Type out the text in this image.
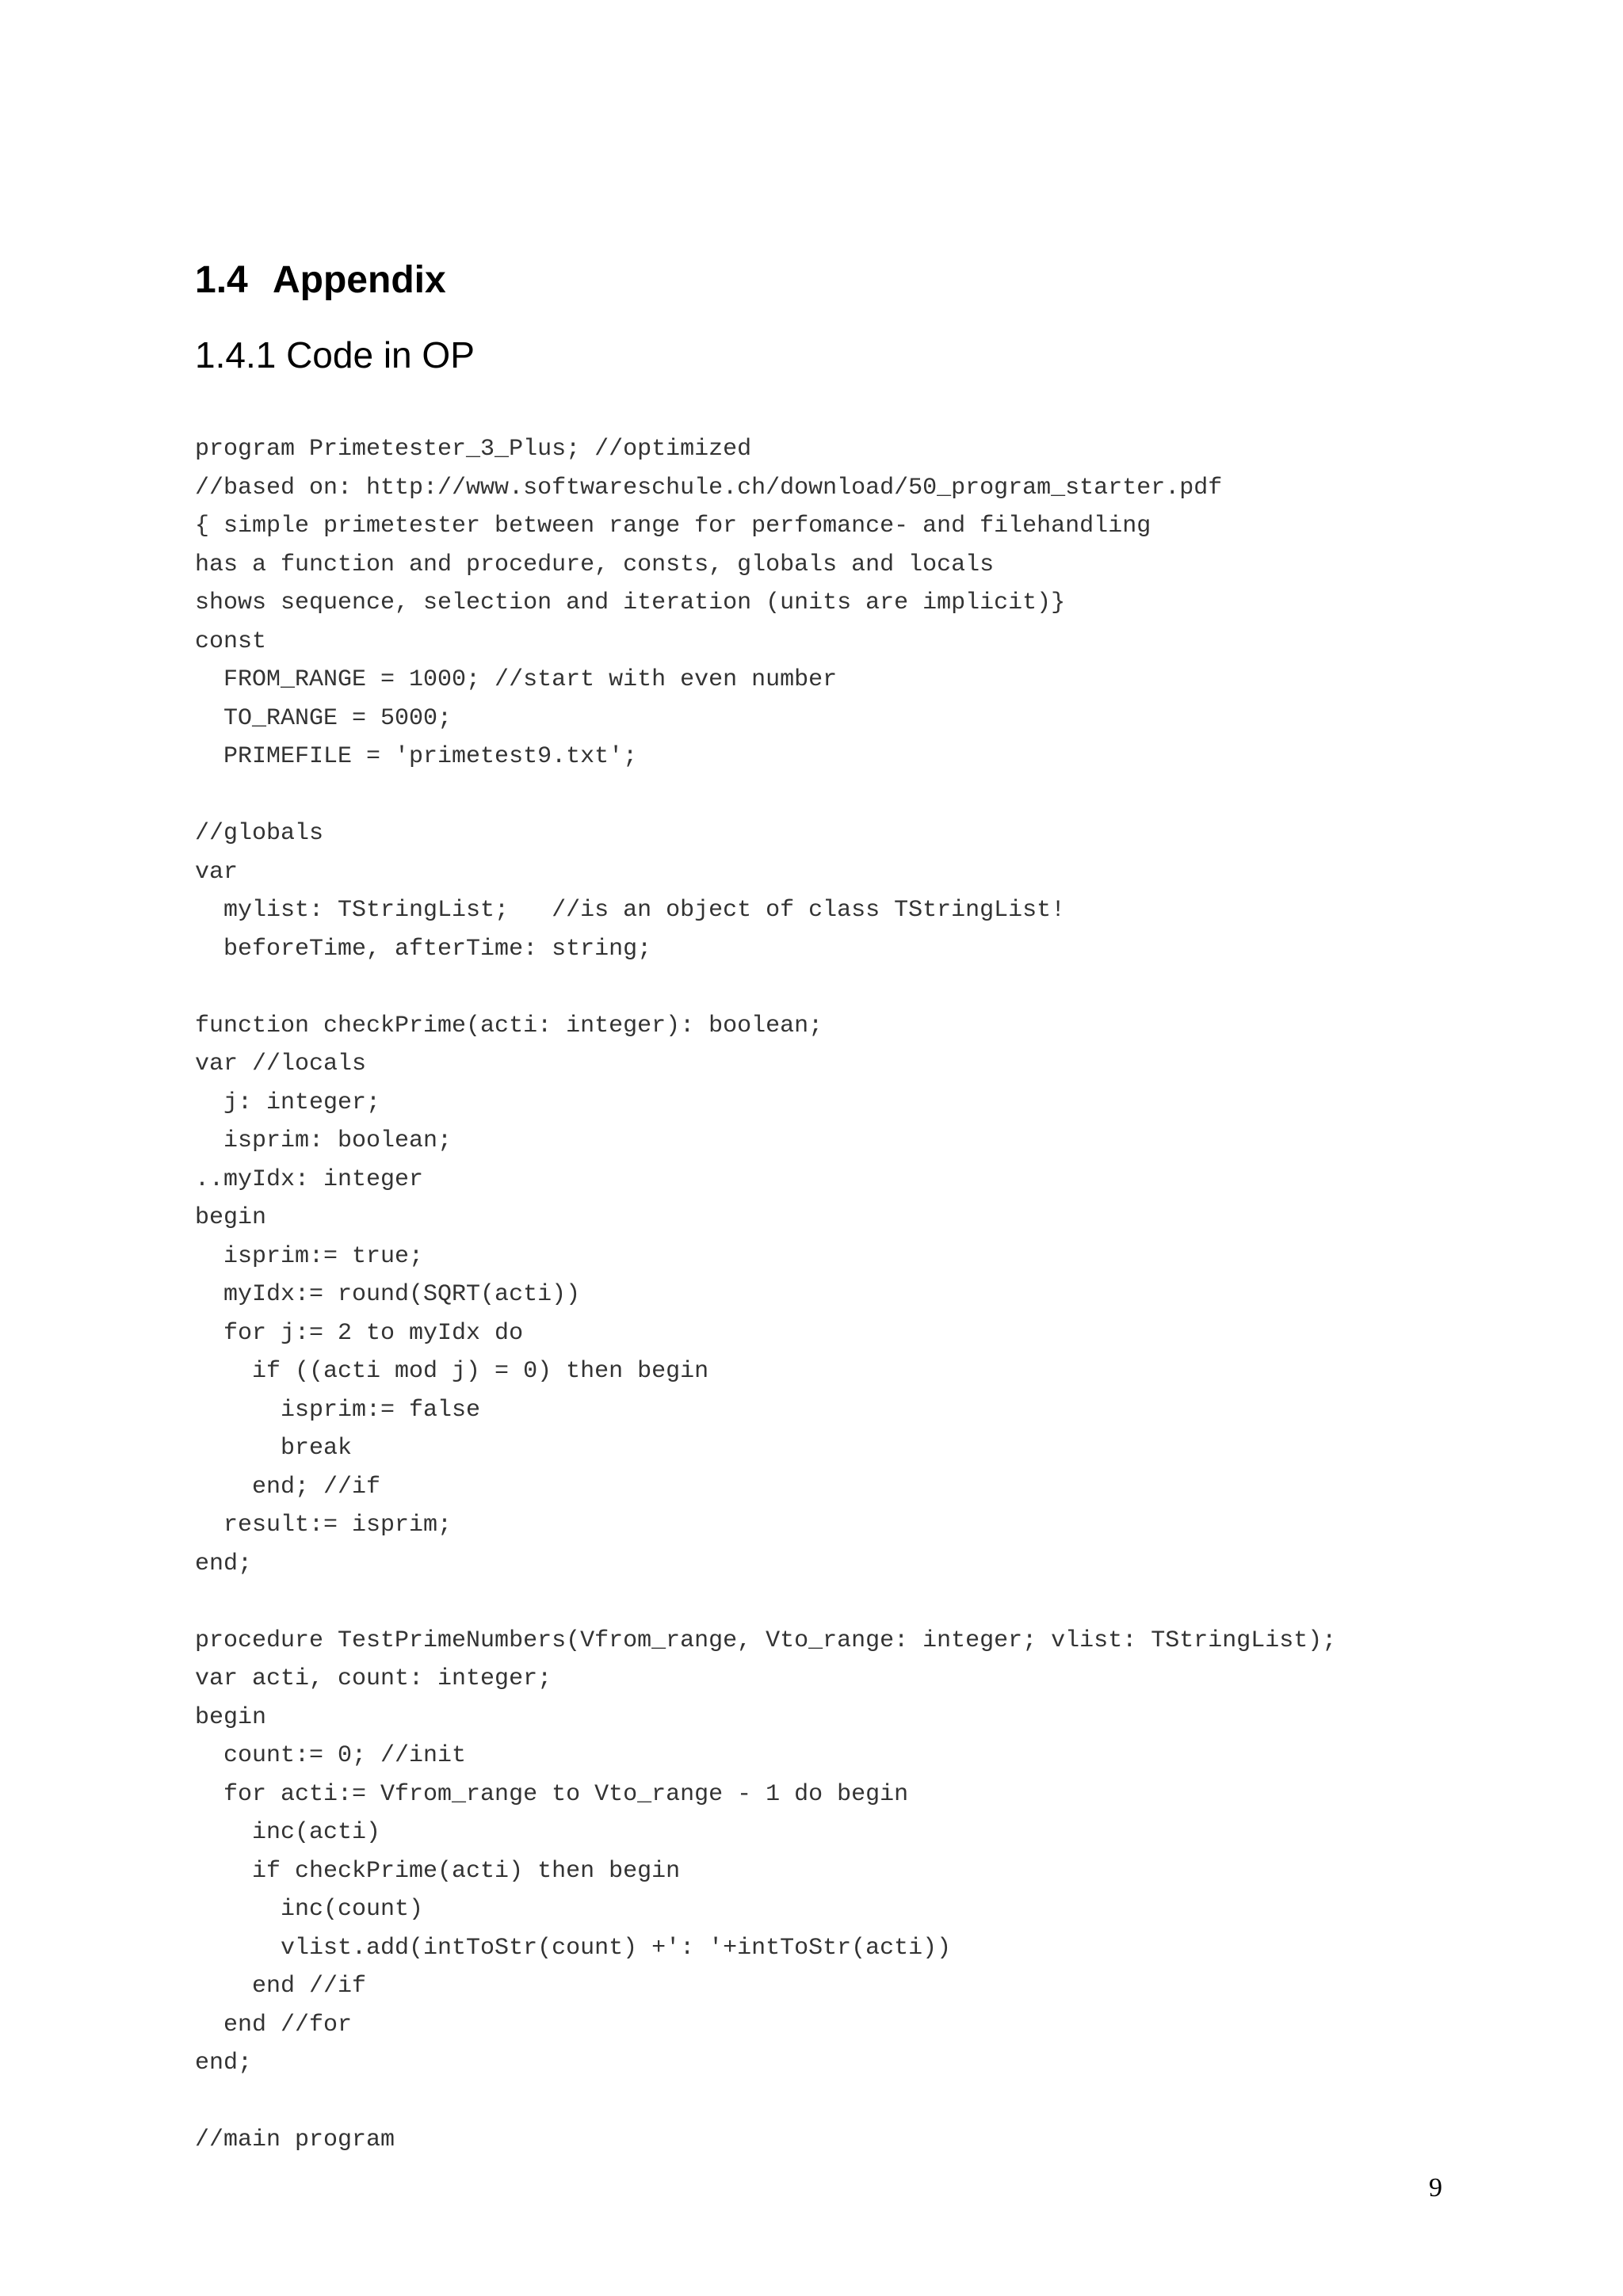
1.4 Appendix
1.4.1 Code in OP
program Primetester_3_Plus; //optimized
//based on: http://www.softwareschule.ch/download/50_program_starter.pdf
{ simple primetester between range for perfomance- and filehandling
has a function and procedure, consts, globals and locals
shows sequence, selection and iteration (units are implicit)}
const
FROM_RANGE = 1000; //start with even number
TO_RANGE = 5000;
PRIMEFILE = 'primetest9.txt';
//globals
var
mylist: TStringList;   //is an object of class TStringList!
beforeTime, afterTime: string;
function checkPrime(acti: integer): boolean;
var //locals
j: integer;
isprim: boolean;
..myIdx: integer
begin
isprim:= true;
myIdx:= round(SQRT(acti))
for j:= 2 to myIdx do
if ((acti mod j) = 0) then begin
isprim:= false
break
end; //if
result:= isprim;
end;
procedure TestPrimeNumbers(Vfrom_range, Vto_range: integer; vlist: TStringList);
var acti, count: integer;
begin
count:= 0; //init
for acti:= Vfrom_range to Vto_range - 1 do begin
inc(acti)
if checkPrime(acti) then begin
inc(count)
vlist.add(intToStr(count) +': '+intToStr(acti))
end //if
end //for
end;
//main program
9
